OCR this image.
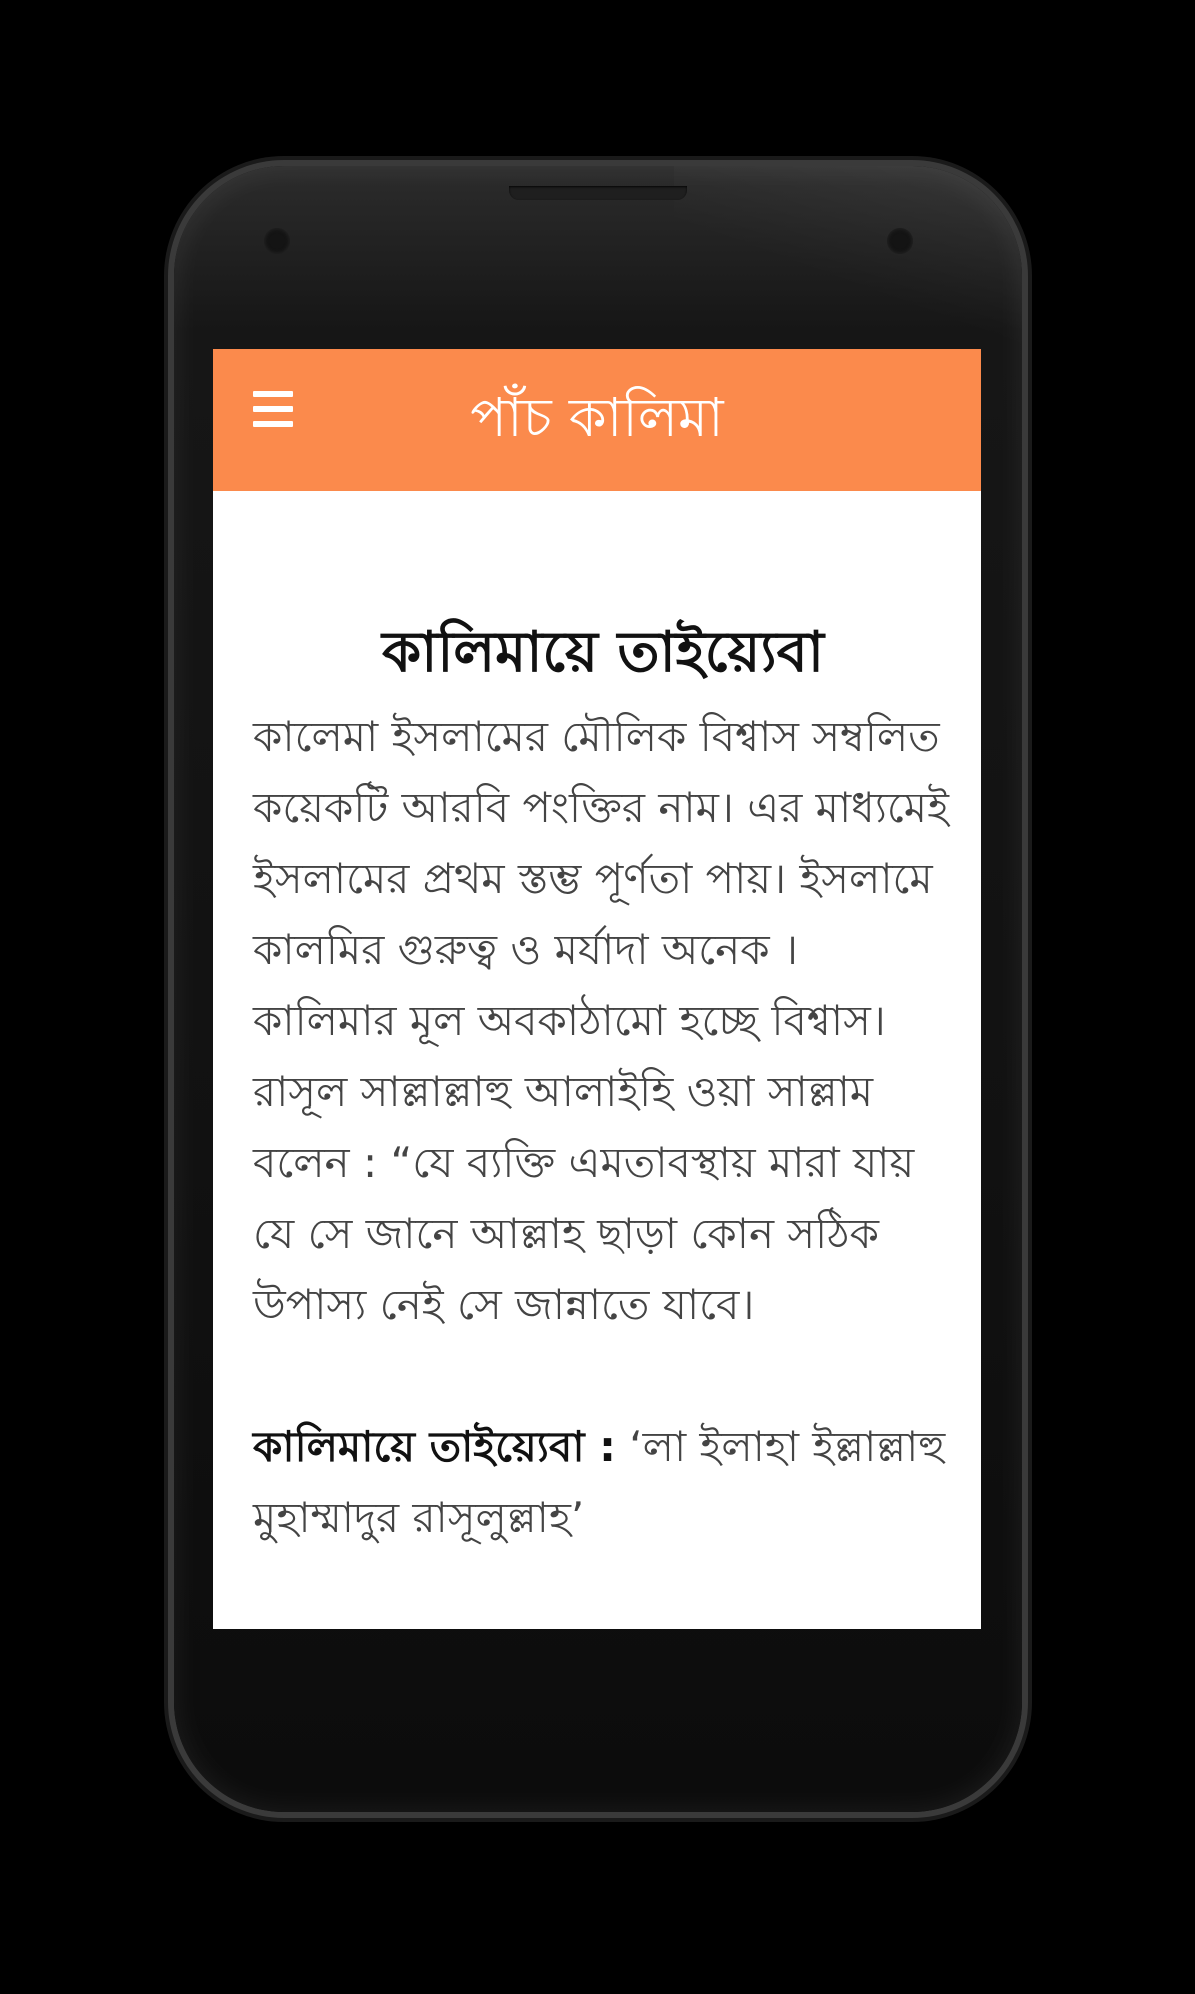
পাঁচ কালিমা
কালিমায়ে তাইয়্যেবা

কালেমা ইসলামের মৌলিক বিশ্বাস সম্বলিত কয়েকটি আরবি পংক্তির নাম। এর মাধ্যমেই ইসলামের প্রথম স্তম্ভ পূর্ণতা পায়। ইসলামে কালমির গুরুত্ব ও মর্যাদা অনেক । কালিমার মূল অবকাঠামো হচ্ছে বিশ্বাস। রাসূল সাল্লাল্লাহু আলাইহি ওয়া সাল্লাম বলেন : “যে ব্যক্তি এমতাবস্থায় মারা যায় যে সে জানে আল্লাহ ছাড়া কোন সঠিক উপাস্য নেই সে জান্নাতে যাবে।

কালিমায়ে তাইয়্যেবা : ‘লা ইলাহা ইল্লাল্লাহু মুহাম্মাদুর রাসূলুল্লাহ’
